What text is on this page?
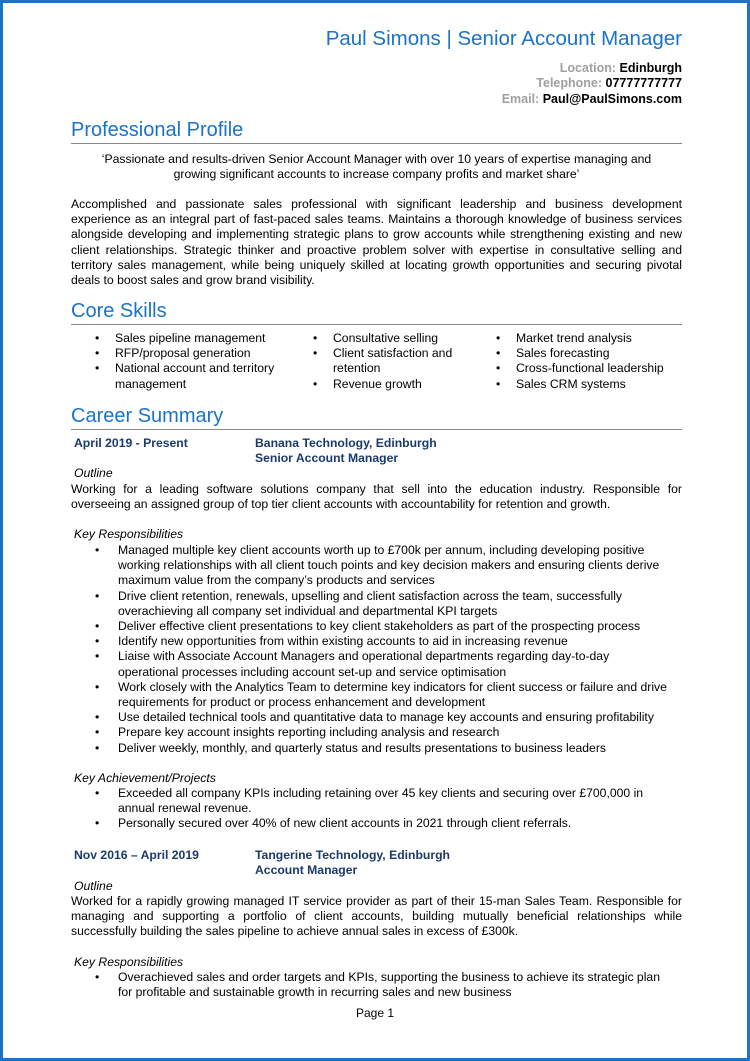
Paul Simons | Senior Account Manager
Location: Edinburgh
Telephone: 07777777777
Email: Paul@PaulSimons.com
Professional Profile
‘Passionate and results-driven Senior Account Manager with over 10 years of expertise managing and
growing significant accounts to increase company profits and market share’
Accomplished and passionate sales professional with significant leadership and business development experience as an integral part of fast-paced sales teams. Maintains a thorough knowledge of business services alongside developing and implementing strategic plans to grow accounts while strengthening existing and new client relationships. Strategic thinker and proactive problem solver with expertise in consultative selling and territory sales management, while being uniquely skilled at locating growth opportunities and securing pivotal deals to boost sales and grow brand visibility.
Core Skills
• Sales pipeline management
• RFP/proposal generation
• National account and territory management
• Consultative selling
• Client satisfaction and retention
• Revenue growth
• Market trend analysis
• Sales forecasting
• Cross-functional leadership
• Sales CRM systems
Career Summary
April 2019 - Present	Banana Technology, Edinburgh
Senior Account Manager
Outline
Working for a leading software solutions company that sell into the education industry. Responsible for overseeing an assigned group of top tier client accounts with accountability for retention and growth.
Key Responsibilities
• Managed multiple key client accounts worth up to £700k per annum, including developing positive working relationships with all client touch points and key decision makers and ensuring clients derive maximum value from the company’s products and services
• Drive client retention, renewals, upselling and client satisfaction across the team, successfully overachieving all company set individual and departmental KPI targets
• Deliver effective client presentations to key client stakeholders as part of the prospecting process
• Identify new opportunities from within existing accounts to aid in increasing revenue
• Liaise with Associate Account Managers and operational departments regarding day-to-day operational processes including account set-up and service optimisation
• Work closely with the Analytics Team to determine key indicators for client success or failure and drive requirements for product or process enhancement and development
• Use detailed technical tools and quantitative data to manage key accounts and ensuring profitability
• Prepare key account insights reporting including analysis and research
• Deliver weekly, monthly, and quarterly status and results presentations to business leaders
Key Achievement/Projects
• Exceeded all company KPIs including retaining over 45 key clients and securing over £700,000 in annual renewal revenue.
• Personally secured over 40% of new client accounts in 2021 through client referrals.
Nov 2016 – April 2019	Tangerine Technology, Edinburgh
Account Manager
Outline
Worked for a rapidly growing managed IT service provider as part of their 15-man Sales Team. Responsible for managing and supporting a portfolio of client accounts, building mutually beneficial relationships while successfully building the sales pipeline to achieve annual sales in excess of £300k.
Key Responsibilities
• Overachieved sales and order targets and KPIs, supporting the business to achieve its strategic plan for profitable and sustainable growth in recurring sales and new business
Page 1
